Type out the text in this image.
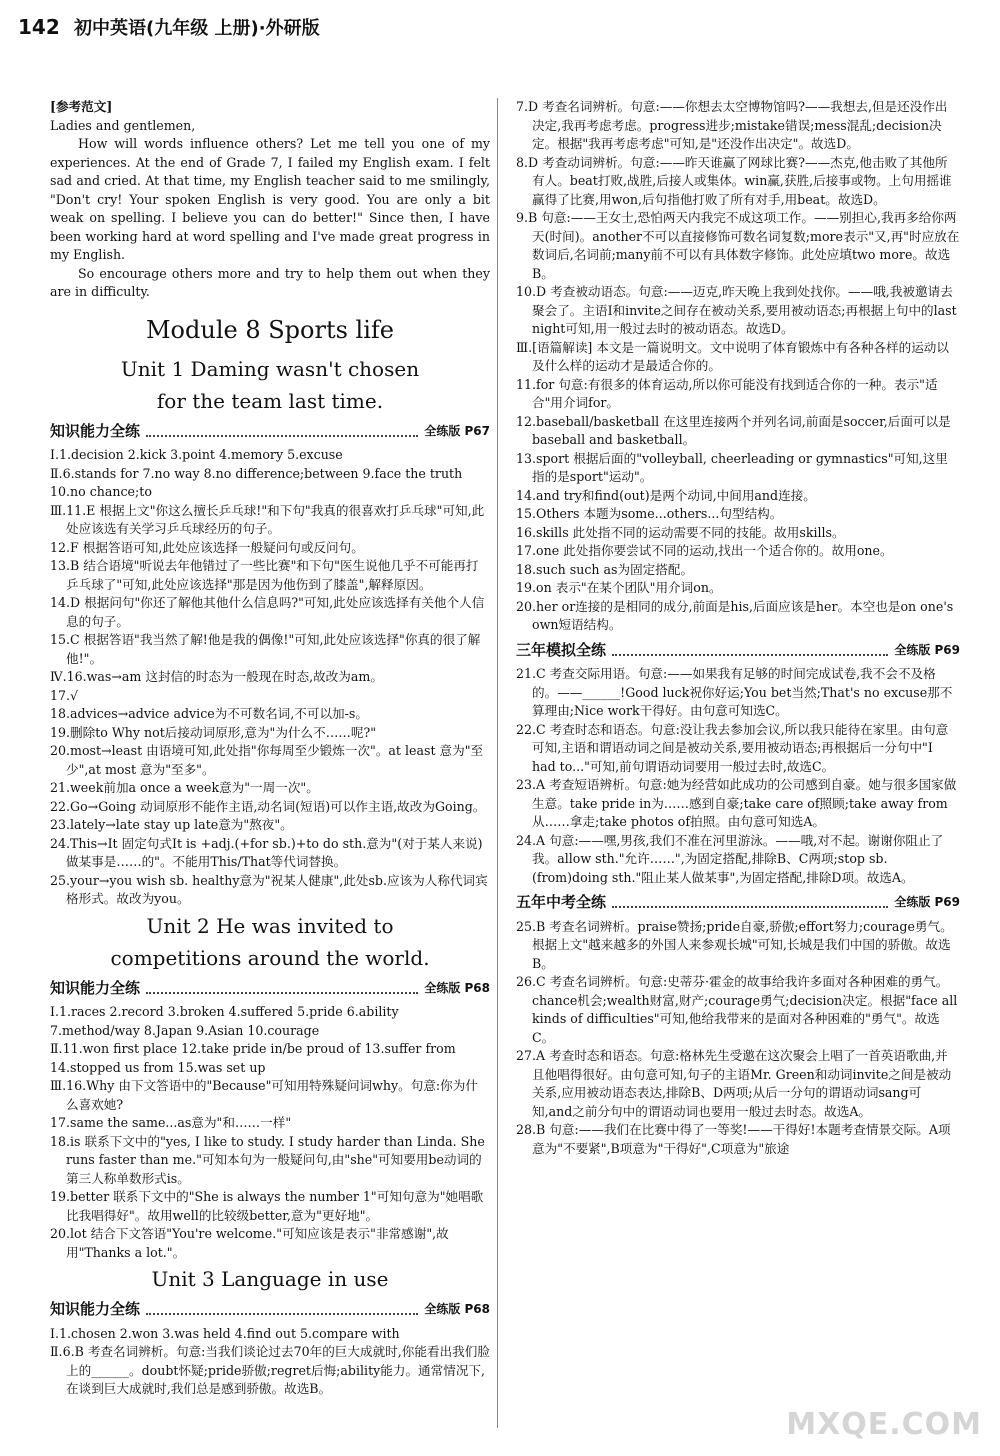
142 初中英语(九年级 上册)·外研版

[参考范文]

Ladies and gentlemen,

How will words influence others? Let me tell you one of my experiences. At the end of Grade 7, I failed my English exam. I felt sad and cried. At that time, my English teacher said to me smilingly, "Don't cry! Your spoken English is very good. You are only a bit weak on spelling. I believe you can do better!" Since then, I have been working hard at word spelling and I've made great progress in my English.

So encourage others more and try to help them out when they are in difficulty.

Module 8 Sports life
Unit 1 Daming wasn't chosen
for the team last time.
知识能力全练	全练版 P67

Ⅰ.1.decision 2.kick 3.point 4.memory 5.excuse

Ⅱ.6.stands for 7.no way 8.no difference;between 9.face the truth

10.no chance;to

Ⅲ.11.E 根据上文"你这么擅长乒乓球!"和下句"我真的很喜欢打乒乓球"可知,此处应该选有关学习乒乓球经历的句子。

12.F 根据答语可知,此处应该选择一般疑问句或反问句。

13.B 结合语境"听说去年他错过了一些比赛"和下句"医生说他几乎不可能再打乒乓球了"可知,此处应该选择"那是因为他伤到了膝盖",解释原因。

14.D 根据问句"你还了解他其他什么信息吗?"可知,此处应该选择有关他个人信息的句子。

15.C 根据答语"我当然了解!他是我的偶像!"可知,此处应该选择"你真的很了解他!"。

Ⅳ.16.was→am 这封信的时态为一般现在时态,故改为am。

17.√

18.advices→advice advice为不可数名词,不可以加-s。

19.删除to Why not后接动词原形,意为"为什么不……呢?"

20.most→least 由语境可知,此处指"你每周至少锻炼一次"。at least 意为"至少",at most 意为"至多"。

21.week前加a once a week意为"一周一次"。

22.Go→Going 动词原形不能作主语,动名词(短语)可以作主语,故改为Going。

23.lately→late stay up late意为"熬夜"。

24.This→It 固定句式It is +adj.(+for sb.)+to do sth.意为"(对于某人来说)做某事是……的"。不能用This/That等代词替换。

25.your→you wish sb. healthy意为"祝某人健康",此处sb.应该为人称代词宾格形式。故改为you。

Unit 2 He was invited to
competitions around the world.
知识能力全练	全练版 P68

Ⅰ.1.races 2.record 3.broken 4.suffered 5.pride 6.ability

7.method/way 8.Japan 9.Asian 10.courage

Ⅱ.11.won first place 12.take pride in/be proud of 13.suffer from

14.stopped us from 15.was set up

Ⅲ.16.Why 由下文答语中的"Because"可知用特殊疑问词why。句意:你为什么喜欢她?

17.same the same...as意为"和……一样"

18.is 联系下文中的"yes, I like to study. I study harder than Linda. She runs faster than me."可知本句为一般疑问句,由"she"可知要用be动词的第三人称单数形式is。

19.better 联系下文中的"She is always the number 1"可知句意为"她唱歌比我唱得好"。故用well的比较级better,意为"更好地"。

20.lot 结合下文答语"You're welcome."可知应该是表示"非常感谢",故用"Thanks a lot."。

Unit 3 Language in use
知识能力全练	全练版 P68

Ⅰ.1.chosen 2.won 3.was held 4.find out 5.compare with

Ⅱ.6.B 考查名词辨析。句意:当我们谈论过去70年的巨大成就时,你能看出我们脸上的______。doubt怀疑;pride骄傲;regret后悔;ability能力。通常情况下,在谈到巨大成就时,我们总是感到骄傲。故选B。

7.D 考查名词辨析。句意:——你想去太空博物馆吗?——我想去,但是还没作出决定,我再考虑考虑。progress进步;mistake错误;mess混乱;decision决定。根据"我再考虑考虑"可知,是"还没作出决定"。故选D。

8.D 考查动词辨析。句意:——昨天谁赢了网球比赛?——杰克,他击败了其他所有人。beat打败,战胜,后接人或集体。win赢,获胜,后接事或物。上句用摇谁赢得了比赛,用won,后句指他打败了所有对手,用beat。故选D。

9.B 句意:——王女士,恐怕两天内我完不成这项工作。——别担心,我再多给你两天(时间)。another不可以直接修饰可数名词复数;more表示"又,再"时应放在数词后,名词前;many前不可以有具体数字修饰。此处应填two more。故选B。

10.D 考查被动语态。句意:——迈克,昨天晚上我到处找你。——哦,我被邀请去聚会了。主语I和invite之间存在被动关系,要用被动语态;再根据上句中的last night可知,用一般过去时的被动语态。故选D。

Ⅲ.[语篇解读] 本文是一篇说明文。文中说明了体育锻炼中有各种各样的运动以及什么样的运动才是最适合你的。

11.for 句意:有很多的体育运动,所以你可能没有找到适合你的一种。表示"适合"用介词for。

12.baseball/basketball 在这里连接两个并列名词,前面是soccer,后面可以是baseball and basketball。

13.sport 根据后面的"volleyball, cheerleading or gymnastics"可知,这里指的是sport"运动"。

14.and try和find(out)是两个动词,中间用and连接。

15.Others 本题为some...others...句型结构。

16.skills 此处指不同的运动需要不同的技能。故用skills。

17.one 此处指你要尝试不同的运动,找出一个适合你的。故用one。

18.such such as为固定搭配。

19.on 表示"在某个团队"用介词on。

20.her or连接的是相同的成分,前面是his,后面应该是her。本空也是on one's own短语结构。

三年模拟全练	全练版 P69

21.C 考查交际用语。句意:——如果我有足够的时间完成试卷,我不会不及格的。——______!Good luck祝你好运;You bet当然;That's no excuse那不算理由;Nice work干得好。由句意可知选C。

22.C 考查时态和语态。句意:没让我去参加会议,所以我只能待在家里。由句意可知,主语和谓语动词之间是被动关系,要用被动语态;再根据后一分句中"I had to..."可知,前句谓语动词要用一般过去时,故选C。

23.A 考查短语辨析。句意:她为经营如此成功的公司感到自豪。她与很多国家做生意。take pride in为……感到自豪;take care of照顾;take away from从……拿走;take photos of拍照。由句意可知选A。

24.A 句意:——嘿,男孩,我们不准在河里游泳。——哦,对不起。谢谢你阻止了我。allow sth."允许……",为固定搭配,排除B、C两项;stop sb.(from)doing sth."阻止某人做某事",为固定搭配,排除D项。故选A。

五年中考全练	全练版 P69

25.B 考查名词辨析。praise赞扬;pride自豪,骄傲;effort努力;courage勇气。根据上文"越来越多的外国人来参观长城"可知,长城是我们中国的骄傲。故选B。

26.C 考查名词辨析。句意:史蒂芬·霍金的故事给我许多面对各种困难的勇气。chance机会;wealth财富,财产;courage勇气;decision决定。根据"face all kinds of difficulties"可知,他给我带来的是面对各种困难的"勇气"。故选C。

27.A 考查时态和语态。句意:格林先生受邀在这次聚会上唱了一首英语歌曲,并且他唱得很好。由句意可知,句子的主语Mr. Green和动词invite之间是被动关系,应用被动语态表达,排除B、D两项;从后一分句的谓语动词sang可知,and之前分句中的谓语动词也要用一般过去时态。故选A。

28.B 句意:——我们在比赛中得了一等奖!——干得好!本题考查情景交际。A项意为"不要紧",B项意为"干得好",C项意为"旅途

MXQE.COM
